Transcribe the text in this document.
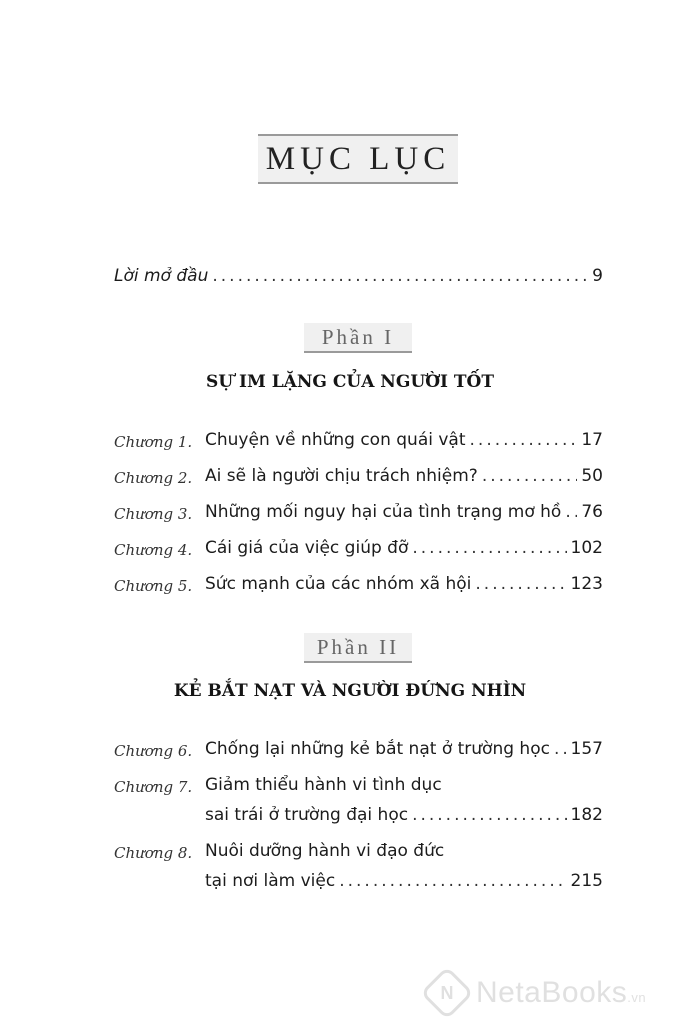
MỤC LỤC
Lời mở đầu .....	9
Phần I
SỰ IM LẶNG CỦA NGƯỜI TỐT
Chương 1. Chuyện về những con quái vật .....	17
Chương 2. Ai sẽ là người chịu trách nhiệm? .....	50
Chương 3. Những mối nguy hại của tình trạng mơ hồ ..... 76
Chương 4. Cái giá của việc giúp đỡ .....	102
Chương 5. Sức mạnh của các nhóm xã hội .....	123
Phần II
KẺ BẮT NẠT VÀ NGƯỜI ĐỨNG NHÌN
Chương 6. Chống lại những kẻ bắt nạt ở trường học ..... 157
Chương 7. Giảm thiểu hành vi tình dục
sai trái ở trường đại học .....	182
Chương 8. Nuôi dưỡng hành vi đạo đức
tại nơi làm việc .....	215
N NetaBooks.vn
